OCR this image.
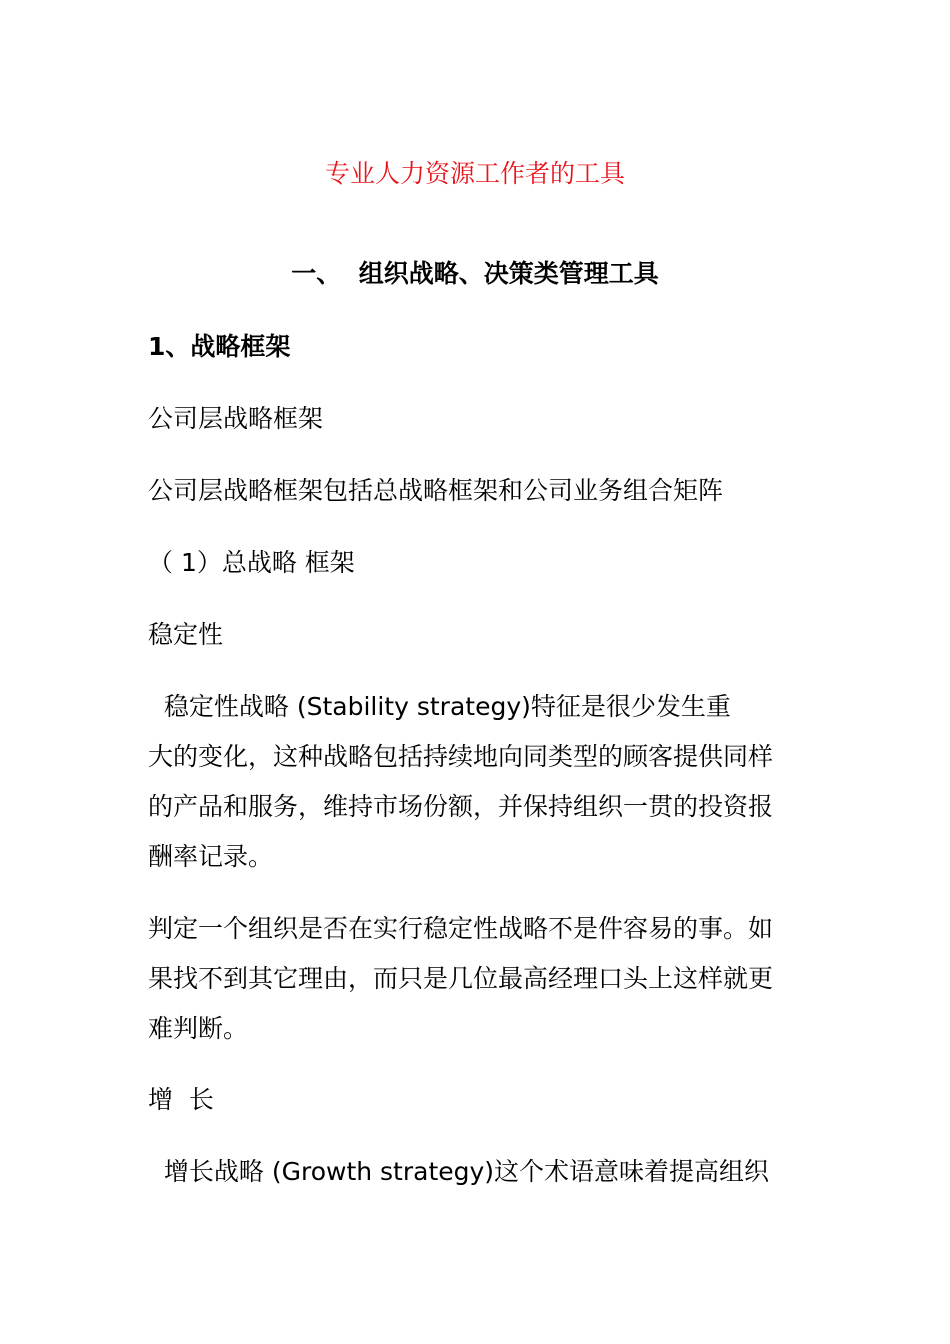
专业人力资源工作者的工具
一、  组织战略、决策类管理工具
1、战略框架
公司层战略框架
公司层战略框架包括总战略框架和公司业务组合矩阵
（ 1）总战略 框架
稳定性
稳定性战略 (Stability strategy)特征是很少发生重
大的变化，这种战略包括持续地向同类型的顾客提供同样
的产品和服务，维持市场份额，并保持组织一贯的投资报
酬率记录。
判定一个组织是否在实行稳定性战略不是件容易的事。如
果找不到其它理由，而只是几位最高经理口头上这样就更
难判断。
增  长
增长战略 (Growth strategy)这个术语意味着提高组织
